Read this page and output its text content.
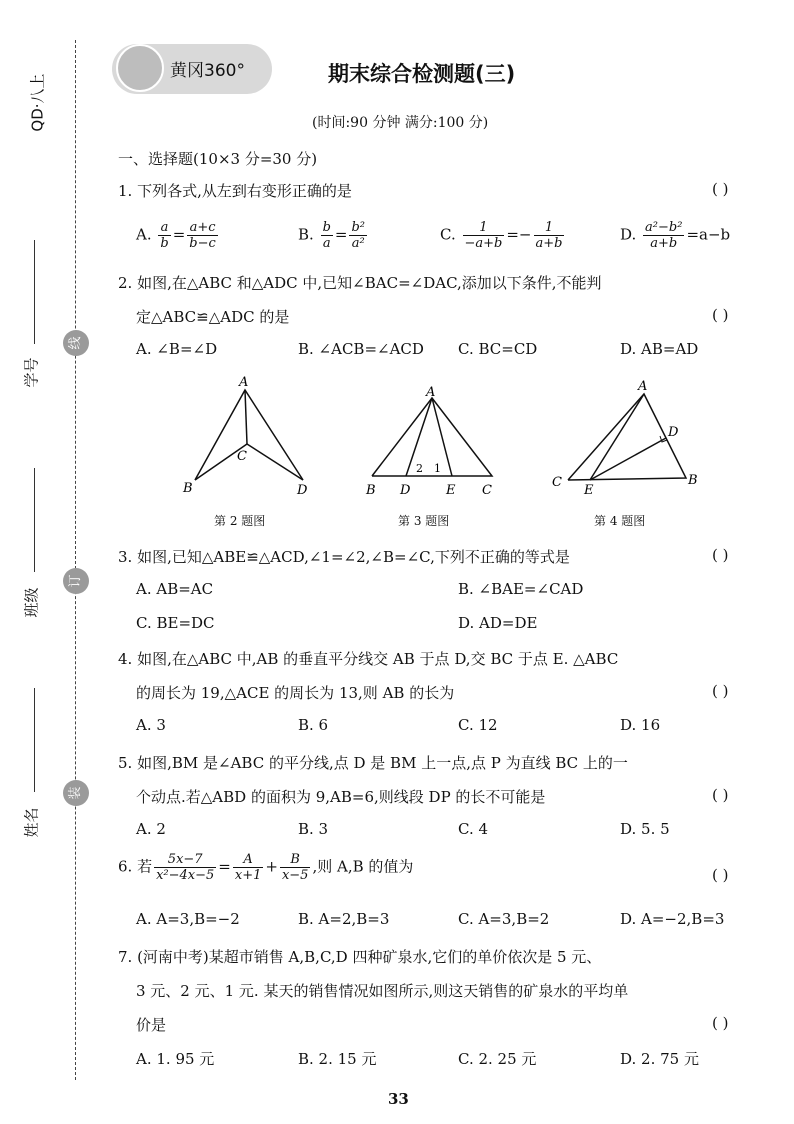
QD·八上
学号
线
班级
订
姓名
装
黄冈360°	期末综合检测题(三)
(时间:90 分钟 满分:100 分)
一、选择题(10×3 分=30 分)
1. 下列各式,从左到右变形正确的是	( )
A. $\frac{a}{b} = \frac{a+c}{b-c}$	B. $\frac{b}{a} = \frac{\text{b²}}{\text{a²}}$	C. $\frac{1}{-a+b} =- \frac{1}{a+b}$	D. $\frac{\text{a²−b²}}{a+b} =a-b$
2. 如图,在△ABC 和△ADC 中,已知∠BAC=∠DAC,添加以下条件,不能判
定△ABC≌△ADC 的是	( )
A. ∠B=∠D	B. ∠ACB=∠ACD C. BC=CD	D. AB=AD
A
C
B	D
第 2 题图
A
B D	E C
2 1
第 3 题图
A
D
C
E
B
第 4 题图
3. 如图,已知△ABE≌△ACD,∠1=∠2,∠B=∠C,下列不正确的等式是	( )
A. AB=AC	B. ∠BAE=∠CAD
C. BE=DC	D. AD=DE
4. 如图,在△ABC 中,AB 的垂直平分线交 AB 于点 D,交 BC 于点 E. △ABC
的周长为 19,△ACE 的周长为 13,则 AB 的长为	( )
A. 3	B. 6	C. 12	D. 16
5. 如图,BM 是∠ABC 的平分线,点 D 是 BM 上一点,点 P 为直线 BC 上的一
个动点.若△ABD 的面积为 9,AB=6,则线段 DP 的长不可能是	( )
A. 2	B. 3	C. 4	D. 5. 5
6. 若 $\frac{5x-7}{\text{x²−4x−5}} = \frac{A}{x+1} + \frac{B}{x-5}$ ,则 A,B 的值为	( )
A. A=3,B=−2	B. A=2,B=3	C. A=3,B=2	D. A=−2,B=3
7. (河南中考)某超市销售 A,B,C,D 四种矿泉水,它们的单价依次是 5 元、
3 元、2 元、1 元. 某天的销售情况如图所示,则这天销售的矿泉水的平均单
价是	( )
A. 1. 95 元	B. 2. 15 元	C. 2. 25 元	D. 2. 75 元
33
